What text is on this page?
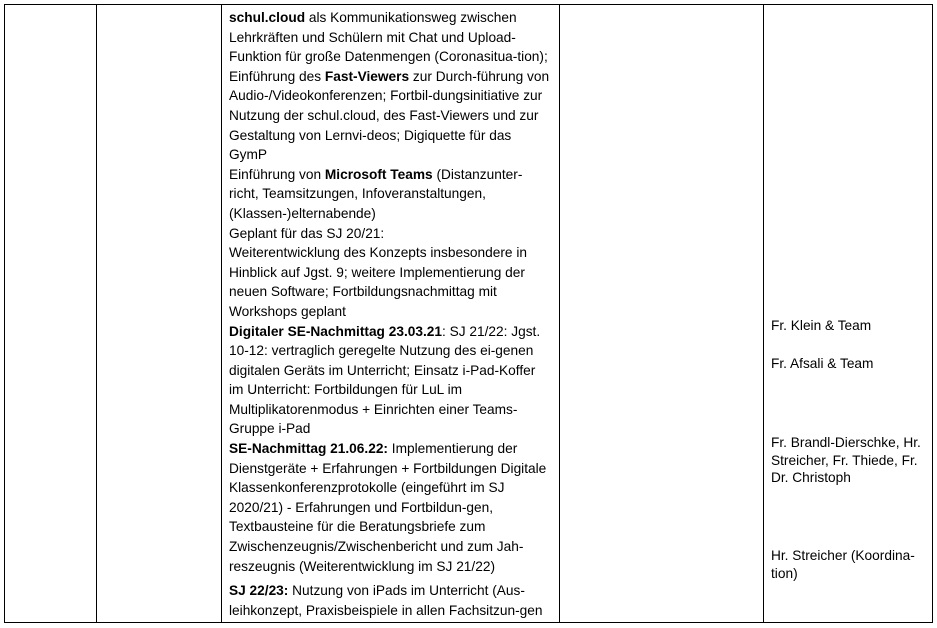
schul.cloud als Kommunikationsweg zwischen Lehrkräften und Schülern mit Chat und Upload-Funktion für große Datenmengen (Coronasitua-tion); Einführung des Fast-Viewers zur Durch-führung von Audio-/Videokonferenzen; Fortbil-dungsinitiative zur Nutzung der schul.cloud, des Fast-Viewers und zur Gestaltung von Lernvi-deos; Digiquette für das GymP

Einführung von Microsoft Teams (Distanzunter-richt, Teamsitzungen, Infoveranstaltungen, (Klassen-)elternabende)

Geplant für das SJ 20/21:

Weiterentwicklung des Konzepts insbesondere in Hinblick auf Jgst. 9; weitere Implementierung der neuen Software; Fortbildungsnachmittag mit Workshops geplant

Digitaler SE-Nachmittag 23.03.21: SJ 21/22: Jgst. 10-12: vertraglich geregelte Nutzung des ei-genen digitalen Geräts im Unterricht; Einsatz i-Pad-Koffer im Unterricht: Fortbildungen für LuL im Multiplikatorenmodus + Einrichten einer Teams-Gruppe i-Pad

SE-Nachmittag 21.06.22: Implementierung der Dienstgeräte + Erfahrungen + Fortbildungen Digitale Klassenkonferenzprotokolle (eingeführt im SJ 2020/21) - Erfahrungen und Fortbildun-gen, Textbausteine für die Beratungsbriefe zum Zwischenzeugnis/Zwischenbericht und zum Jah-reszeugnis (Weiterentwicklung im SJ 21/22)

SJ 22/23: Nutzung von iPads im Unterricht (Aus-leihkonzept, Praxisbeispiele in allen Fachsitzun-gen

Fr. Klein & Team
Fr. Afsali & Team
Fr. Brandl-Dierschke, Hr. Streicher, Fr. Thiede, Fr. Dr. Christoph
Hr. Streicher (Koordina-tion)
